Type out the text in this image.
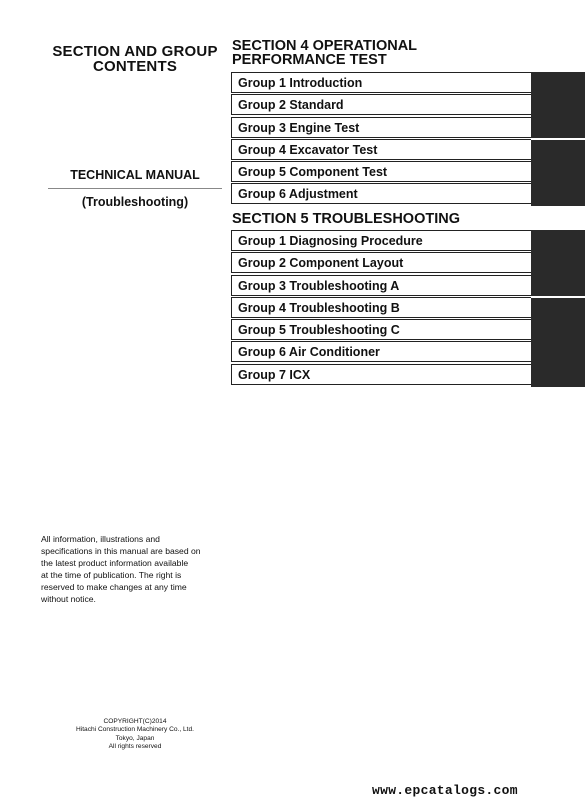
SECTION AND GROUP
CONTENTS
TECHNICAL MANUAL
(Troubleshooting)
All information, illustrations and
specifications in this manual are based on
the latest product information available
at the time of publication. The right is
reserved to make changes at any time
without notice.
COPYRIGHT(C)2014
Hitachi Construction Machinery Co., Ltd.
Tokyo, Japan
All rights reserved
SECTION 4 OPERATIONAL
PERFORMANCE TEST
Group 1 Introduction
Group 2 Standard
Group 3 Engine Test
Group 4 Excavator Test
Group 5 Component Test
Group 6 Adjustment
SECTION 5 TROUBLESHOOTING
Group 1 Diagnosing Procedure
Group 2 Component Layout
Group 3 Troubleshooting A
Group 4 Troubleshooting B
Group 5 Troubleshooting C
Group 6 Air Conditioner
Group 7 ICX
www.epcatalogs.com
